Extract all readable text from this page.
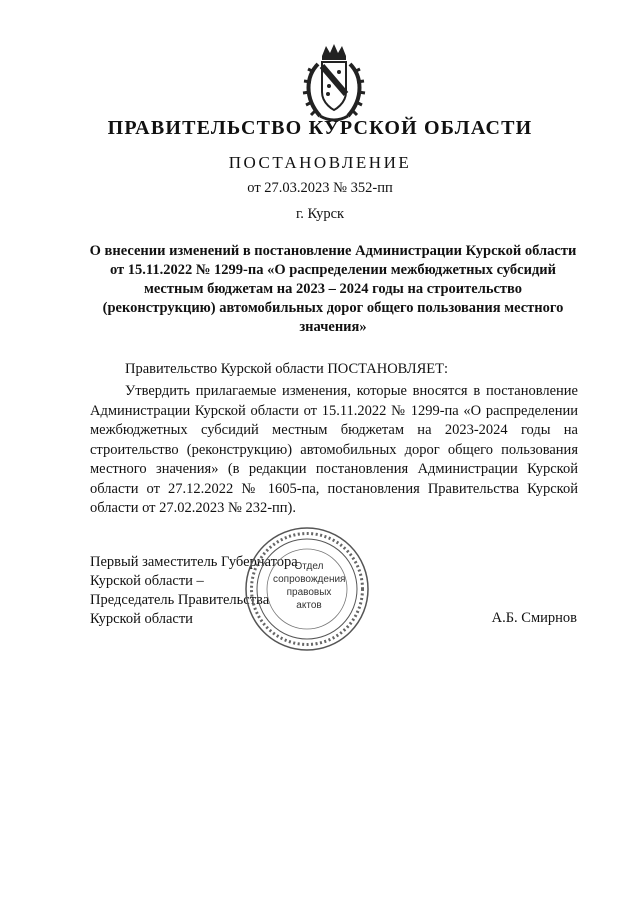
ПРАВИТЕЛЬСТВО КУРСКОЙ ОБЛАСТИ
ПОСТАНОВЛЕНИЕ
от 27.03.2023 № 352-пп
г. Курск
О внесении изменений в постановление Администрации Курской области от 15.11.2022 № 1299-па «О распределении межбюджетных субсидий местным бюджетам на 2023 – 2024 годы на строительство (реконструкцию) автомобильных дорог общего пользования местного значения»
Правительство Курской области ПОСТАНОВЛЯЕТ:
Утвердить прилагаемые изменения, которые вносятся в постановление Администрации Курской области от 15.11.2022 № 1299-па «О распределении межбюджетных субсидий местным бюджетам на 2023-2024 годы на строительство (реконструкцию) автомобильных дорог общего пользования местного значения» (в редакции постановления Администрации Курской области от 27.12.2022 № 1605-па, постановления Правительства Курской области от 27.02.2023 № 232-пп).
Первый заместитель Губернатора
Курской области –
Председатель Правительства
Курской области	А.Б. Смирнов
Отдел
сопровождения
правовых
актов
